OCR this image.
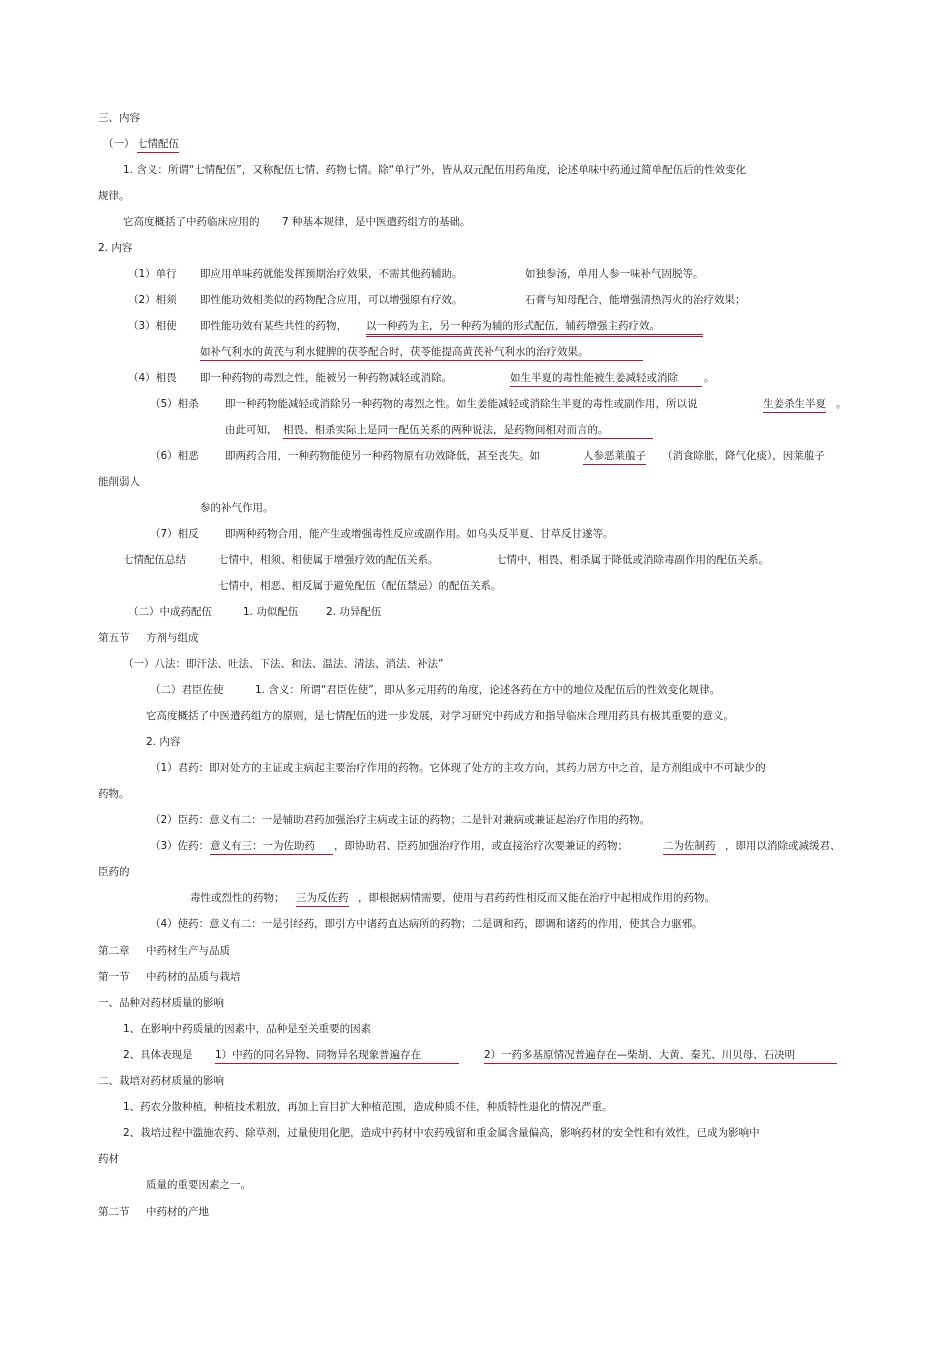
三、内容
（一） 七情配伍
1. 含义：所谓“七情配伍”，又称配伍七情、药物七情。除“单行”外，皆从双元配伍用药角度，论述单味中药通过简单配伍后的性效变化
规律。
它高度概括了中药临床应用的 7 种基本规律，是中医遣药组方的基础。
2. 内容
（1）单行 即应用单味药就能发挥预期治疗效果，不需其他药辅助。	如独参汤，单用人参一味补气固脱等。
（2）相须 即性能功效相类似的药物配合应用，可以增强原有疗效。	石膏与知母配合，能增强清热泻火的治疗效果；
（3）相使 即性能功效有某些共性的药物， 以一种药为主，另一种药为辅的形式配伍，辅药增强主药疗效。
如补气利水的黄芪与利水健脾的茯苓配合时，茯苓能提高黄芪补气利水的治疗效果。
（4）相畏 即一种药物的毒烈之性，能被另一种药物减轻或消除。	如生半夏的毒性能被生姜减轻或消除	。
（5）相杀	即一种药物能减轻或消除另一种药物的毒烈之性。如生姜能减轻或消除生半夏的毒性或副作用，所以说	生姜杀生半夏 。
由此可知， 相畏、相杀实际上是同一配伍关系的两种说法，是药物间相对而言的。
（6）相恶	即两药合用，一种药物能使另一种药物原有功效降低，甚至丧失。如	人参恶莱菔子 （消食除胀，降气化痰），因莱菔子
能削弱人
参的补气作用。
（7）相反	即两种药物合用，能产生或增强毒性反应或副作用。如乌头反半夏、甘草反甘遂等。
七情配伍总结	七情中，相须、相使属于增强疗效的配伍关系。	七情中，相畏、相杀属于降低或消除毒副作用的配伍关系。
七情中，相恶、相反属于避免配伍（配伍禁忌）的配伍关系。
（二）中成药配伍	1. 功似配伍	2. 功异配伍
第五节 方剂与组成
（一）八法：即汗法、吐法、下法、和法、温法、清法、消法、补法”
（二）君臣佐使	1. 含义：所谓“君臣佐使”，即从多元用药的角度，论述各药在方中的地位及配伍后的性效变化规律。
它高度概括了中医遣药组方的原则，是七情配伍的进一步发展，对学习研究中药成方和指导临床合理用药具有极其重要的意义。
2. 内容
（1）君药：即对处方的主证或主病起主要治疗作用的药物。它体现了处方的主攻方向，其药力居方中之首，是方剂组成中不可缺少的
药物。
（2）臣药：意义有二：一是辅助君药加强治疗主病或主证的药物；二是针对兼病或兼证起治疗作用的药物。
（3）佐药： 意义有三：一为佐助药	，即协助君、臣药加强治疗作用，或直接治疗次要兼证的药物；	二为佐制药 ，即用以消除或减缓君、
臣药的
毒性或烈性的药物； 三为反佐药 ，即根据病情需要，使用与君药药性相反而又能在治疗中起相成作用的药物。
（4）使药：意义有二：一是引经药，即引方中诸药直达病所的药物；二是调和药，即调和诸药的作用，使其合力驱邪。
第二章 中药材生产与品质
第一节 中药材的品质与栽培
一、品种对药材质量的影响
1、在影响中药质量的因素中，品种是至关重要的因素
2、具体表现是 1）中药的同名异物、同物异名现象普遍存在	2）一药多基原情况普遍存在—柴胡、大黄、秦艽、川贝母、石决明
二、栽培对药材质量的影响
1、药农分散种植，种植技术粗放，再加上盲目扩大种植范围，造成种质不佳，种质特性退化的情况严重。
2、栽培过程中滥施农药、除草剂，过量使用化肥，造成中药材中农药残留和重金属含量偏高，影响药材的安全性和有效性，已成为影响中
药材
质量的重要因素之一。
第二节 中药材的产地
